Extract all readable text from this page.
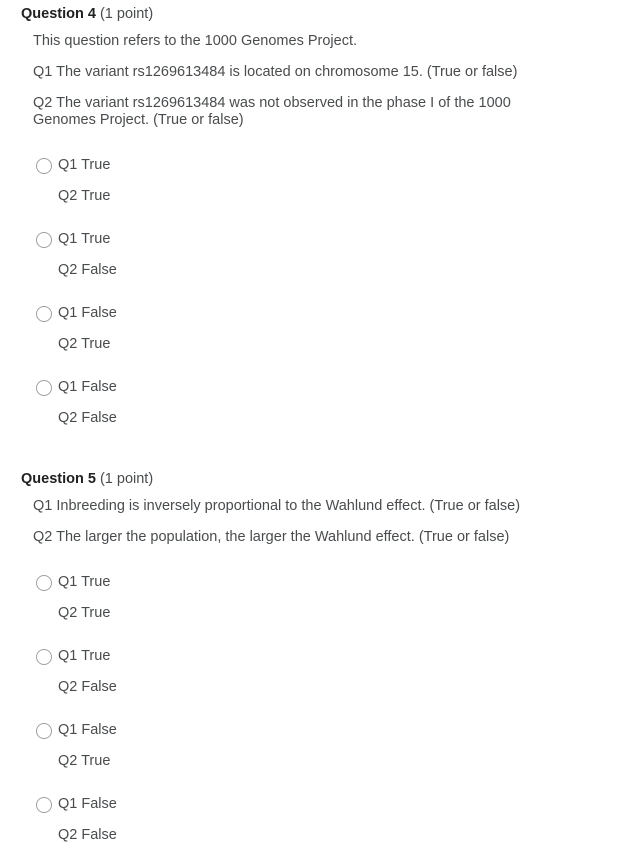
Question 4 (1 point)
This question refers to the 1000 Genomes Project.
Q1 The variant rs1269613484 is located on chromosome 15. (True or false)
Q2 The variant rs1269613484 was not observed in the phase I of the 1000 Genomes Project. (True or false)
Q1 True
Q2 True
Q1 True
Q2 False
Q1 False
Q2 True
Q1 False
Q2 False
Question 5 (1 point)
Q1 Inbreeding is inversely proportional to the Wahlund effect. (True or false)
Q2 The larger the population, the larger the Wahlund effect. (True or false)
Q1 True
Q2 True
Q1 True
Q2 False
Q1 False
Q2 True
Q1 False
Q2 False
